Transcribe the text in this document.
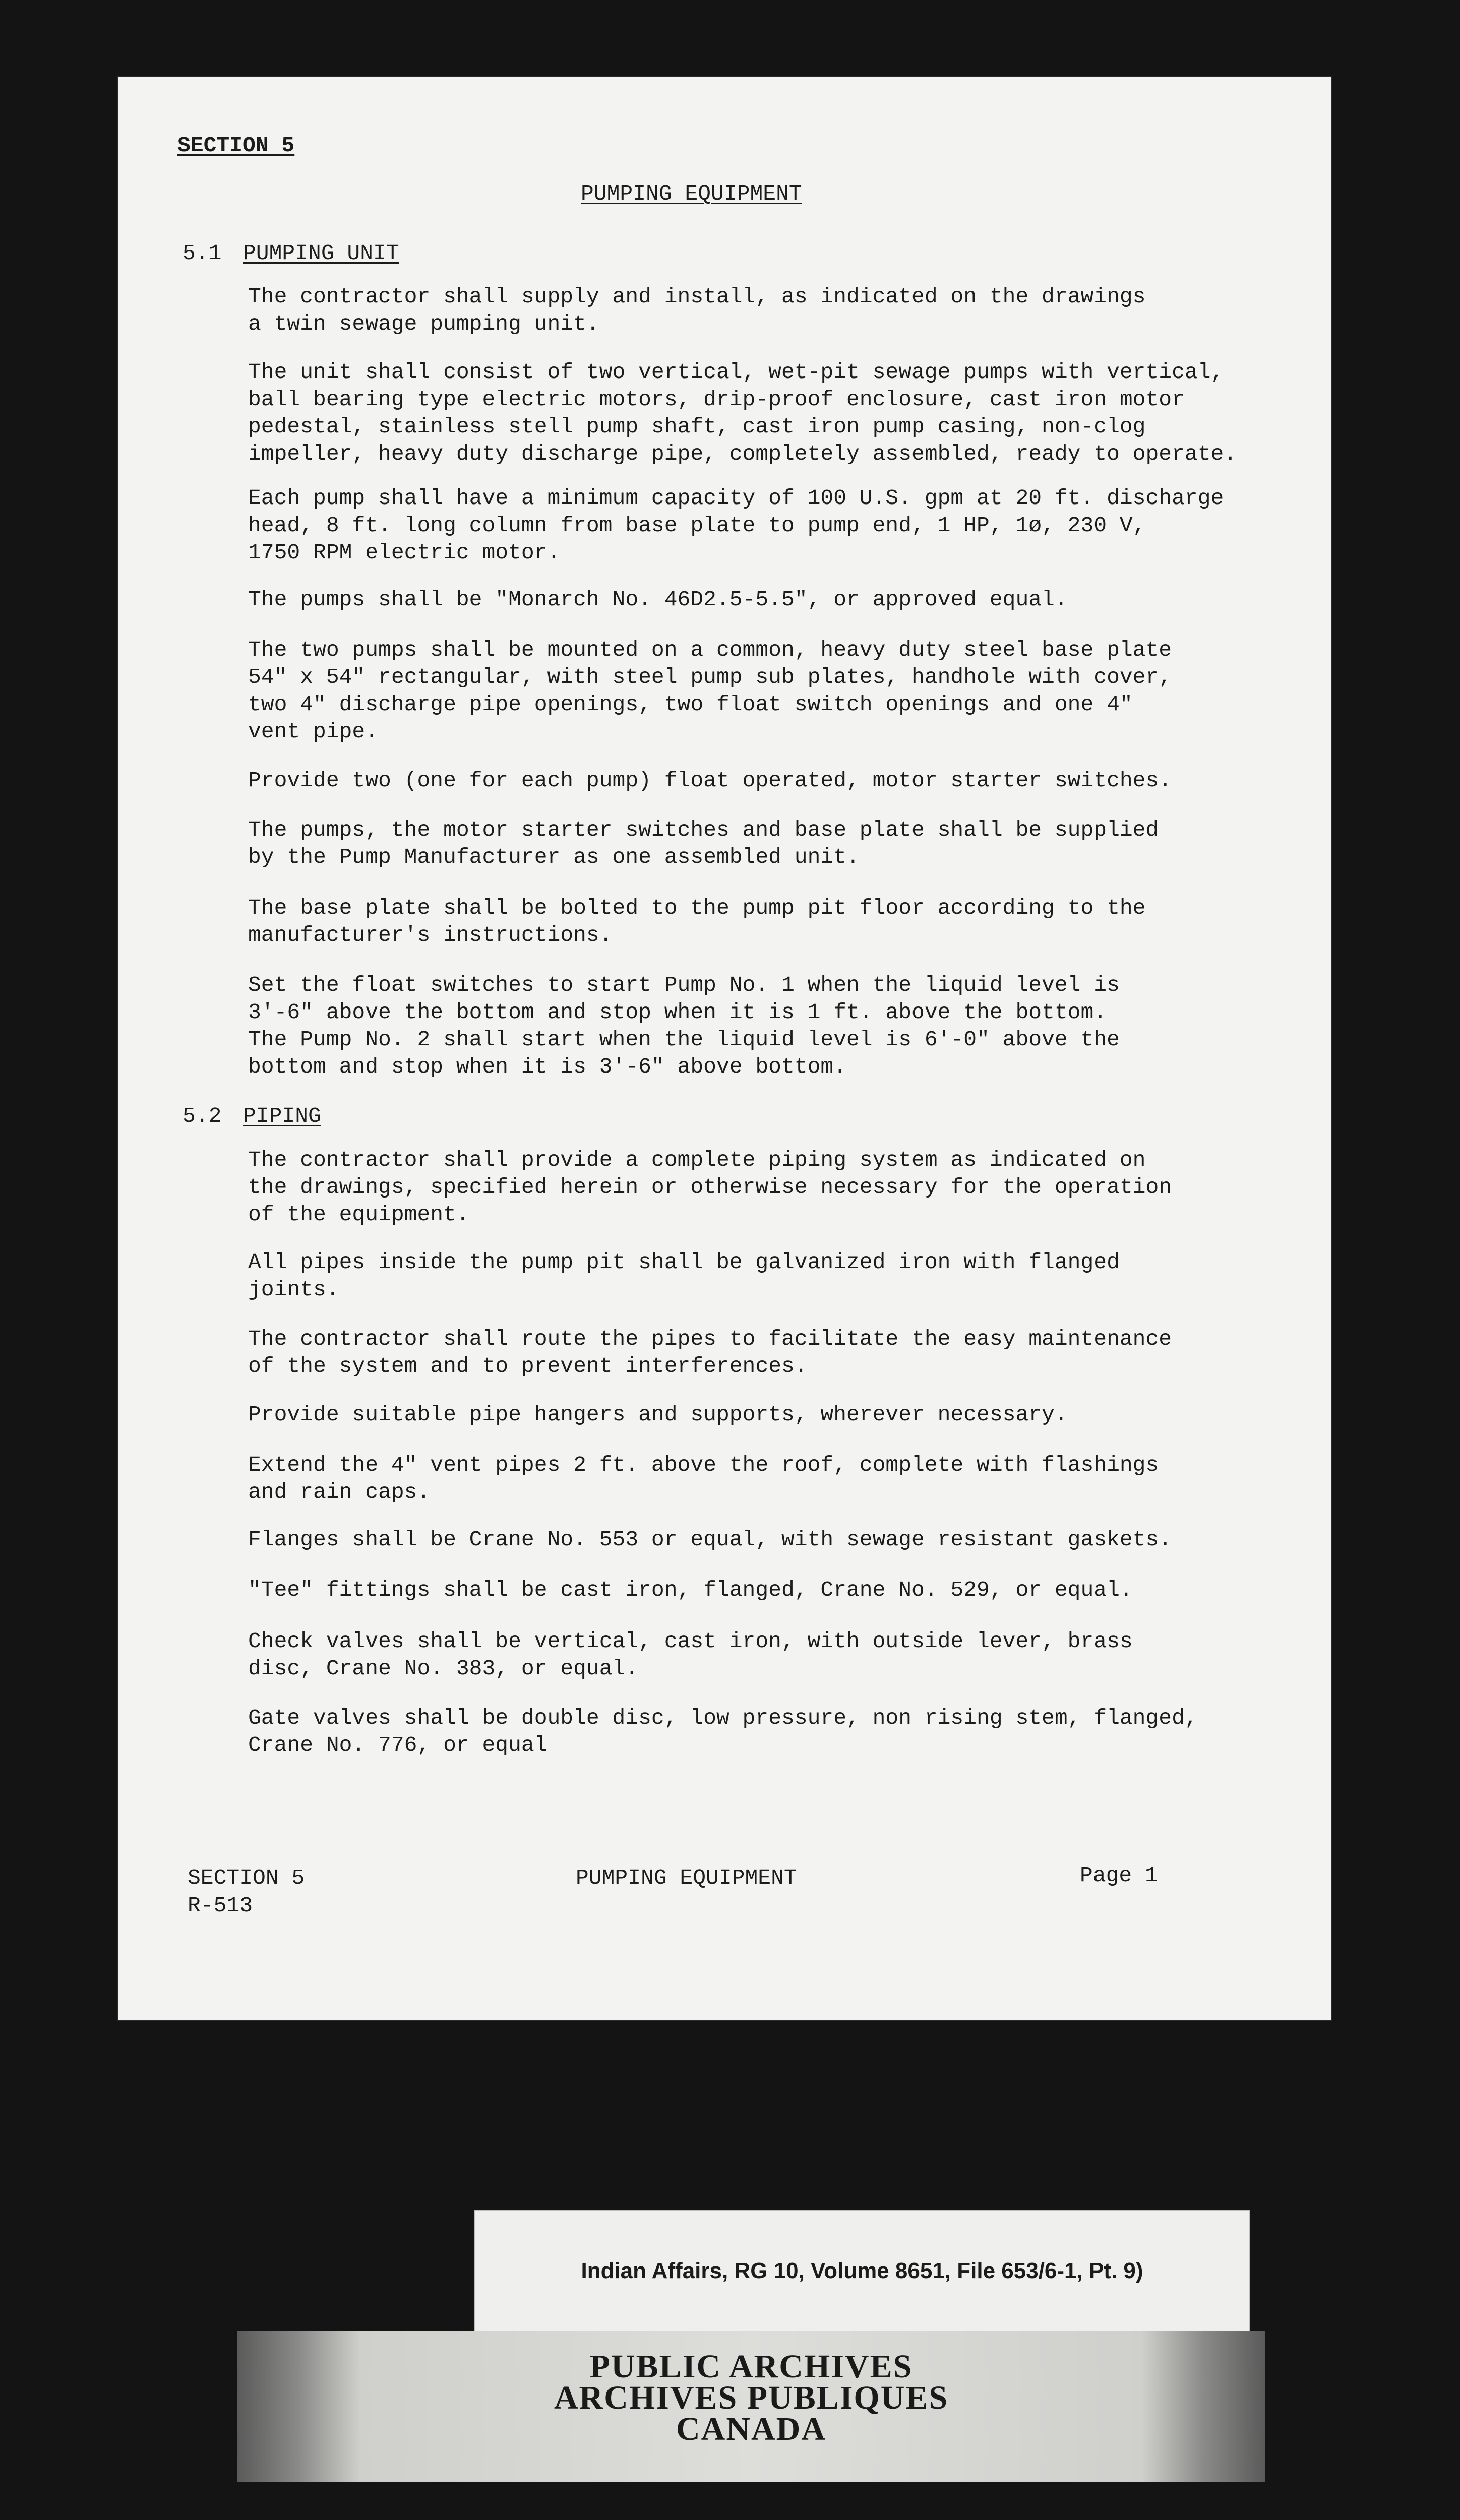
SECTION 5
PUMPING EQUIPMENT
5.1 PUMPING UNIT
The contractor shall supply and install, as indicated on the drawings
a twin sewage pumping unit.
The unit shall consist of two vertical, wet-pit sewage pumps with vertical,
ball bearing type electric motors, drip-proof enclosure, cast iron motor
pedestal, stainless stell pump shaft, cast iron pump casing, non-clog
impeller, heavy duty discharge pipe, completely assembled, ready to operate.
Each pump shall have a minimum capacity of 100 U.S. gpm at 20 ft. discharge
head, 8 ft. long column from base plate to pump end, 1 HP, 1ø, 230 V,
1750 RPM electric motor.
The pumps shall be "Monarch No. 46D2.5-5.5", or approved equal.
The two pumps shall be mounted on a common, heavy duty steel base plate
54" x 54" rectangular, with steel pump sub plates, handhole with cover,
two 4" discharge pipe openings, two float switch openings and one 4"
vent pipe.
Provide two (one for each pump) float operated, motor starter switches.
The pumps, the motor starter switches and base plate shall be supplied
by the Pump Manufacturer as one assembled unit.
The base plate shall be bolted to the pump pit floor according to the
manufacturer's instructions.
Set the float switches to start Pump No. 1 when the liquid level is
3'-6" above the bottom and stop when it is 1 ft. above the bottom.
The Pump No. 2 shall start when the liquid level is 6'-0" above the
bottom and stop when it is 3'-6" above bottom.
5.2 PIPING
The contractor shall provide a complete piping system as indicated on
the drawings, specified herein or otherwise necessary for the operation
of the equipment.
All pipes inside the pump pit shall be galvanized iron with flanged
joints.
The contractor shall route the pipes to facilitate the easy maintenance
of the system and to prevent interferences.
Provide suitable pipe hangers and supports, wherever necessary.
Extend the 4" vent pipes 2 ft. above the roof, complete with flashings
and rain caps.
Flanges shall be Crane No. 553 or equal, with sewage resistant gaskets.
"Tee" fittings shall be cast iron, flanged, Crane No. 529, or equal.
Check valves shall be vertical, cast iron, with outside lever, brass
disc, Crane No. 383, or equal.
Gate valves shall be double disc, low pressure, non rising stem, flanged,
Crane No. 776, or equal
SECTION 5
R-513
PUMPING EQUIPMENT	Page 1
Indian Affairs, RG 10, Volume 8651, File 653/6-1, Pt. 9)
PUBLIC ARCHIVES
ARCHIVES PUBLIQUES
CANADA
